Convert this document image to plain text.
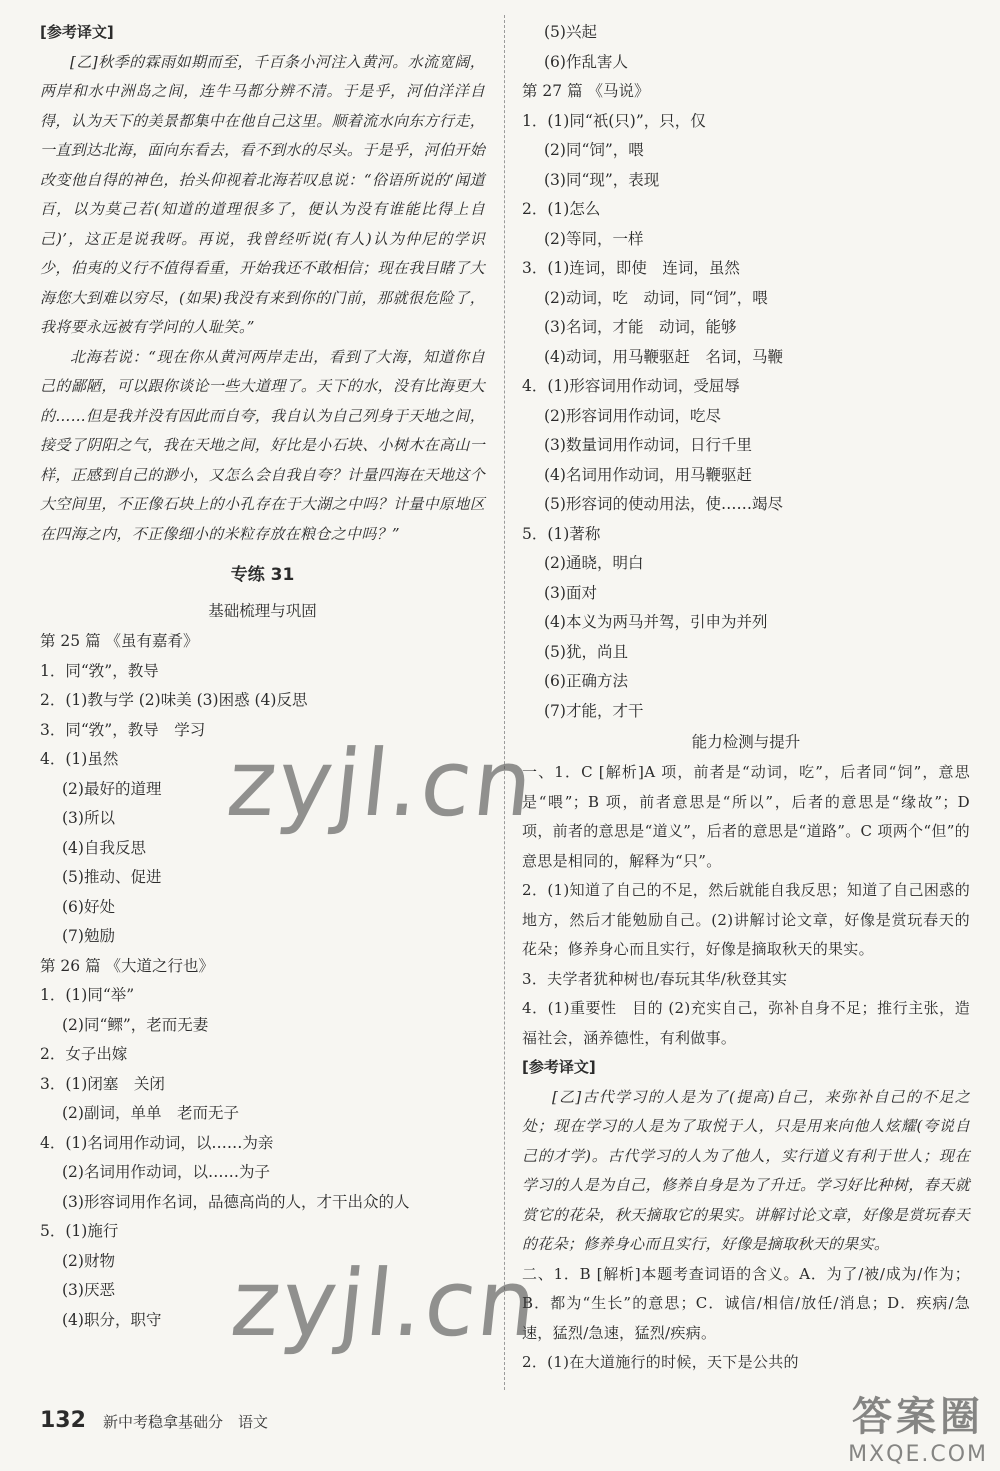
[参考译文]

[乙]秋季的霖雨如期而至，千百条小河注入黄河。水流宽阔，两岸和水中洲岛之间，连牛马都分辨不清。于是乎，河伯洋洋自得，认为天下的美景都集中在他自己这里。顺着流水向东方行走，一直到达北海，面向东看去，看不到水的尽头。于是乎，河伯开始改变他自得的神色，抬头仰视着北海若叹息说：“俗语所说的‘闻道百，以为莫己若(知道的道理很多了，便认为没有谁能比得上自己)’，这正是说我呀。再说，我曾经听说(有人)认为仲尼的学识少，伯夷的义行不值得看重，开始我还不敢相信；现在我目睹了大海您大到难以穷尽，(如果)我没有来到你的门前，那就很危险了，我将要永远被有学问的人耻笑。”

北海若说：“现在你从黄河两岸走出，看到了大海，知道你自己的鄙陋，可以跟你谈论一些大道理了。天下的水，没有比海更大的……但是我并没有因此而自夸，我自认为自己列身于天地之间，接受了阴阳之气，我在天地之间，好比是小石块、小树木在高山一样，正感到自己的渺小，又怎么会自我自夸？计量四海在天地这个大空间里，不正像石块上的小孔存在于大湖之中吗？计量中原地区在四海之内，不正像细小的米粒存放在粮仓之中吗？”

专练 31
基础梳理与巩固
第 25 篇 《虽有嘉肴》
1．同“敩”，教导
2．(1)教与学 (2)味美 (3)困惑 (4)反思
3．同“敩”，教导　学习
4．(1)虽然
(2)最好的道理
(3)所以
(4)自我反思
(5)推动、促进
(6)好处
(7)勉励
第 26 篇 《大道之行也》
1．(1)同“举”
(2)同“鳏”，老而无妻
2．女子出嫁
3．(1)闭塞　关闭
(2)副词，单单　老而无子
4．(1)名词用作动词，以……为亲
(2)名词用作动词，以……为子
(3)形容词用作名词，品德高尚的人，才干出众的人
5．(1)施行
(2)财物
(3)厌恶
(4)职分，职守
(5)兴起
(6)作乱害人
第 27 篇 《马说》
1．(1)同“祇(只)”，只，仅
(2)同“饲”，喂
(3)同“现”，表现
2．(1)怎么
(2)等同，一样
3．(1)连词，即使　连词，虽然
(2)动词，吃　动词，同“饲”，喂
(3)名词，才能　动词，能够
(4)动词，用马鞭驱赶　名词，马鞭
4．(1)形容词用作动词，受屈辱
(2)形容词用作动词，吃尽
(3)数量词用作动词，日行千里
(4)名词用作动词，用马鞭驱赶
(5)形容词的使动用法，使……竭尽
5．(1)著称
(2)通晓，明白
(3)面对
(4)本义为两马并驾，引申为并列
(5)犹，尚且
(6)正确方法
(7)才能，才干
能力检测与提升

一、1．C [解析]A 项，前者是“动词，吃”，后者同“饲”，意思是“喂”；B 项，前者意思是“所以”，后者的意思是“缘故”；D 项，前者的意思是“道义”，后者的意思是“道路”。C 项两个“但”的意思是相同的，解释为“只”。

2．(1)知道了自己的不足，然后就能自我反思；知道了自己困惑的地方，然后才能勉励自己。(2)讲解讨论文章，好像是赏玩春天的花朵；修养身心而且实行，好像是摘取秋天的果实。

3．夫学者犹种树也/春玩其华/秋登其实

4．(1)重要性　目的 (2)充实自己，弥补自身不足；推行主张，造福社会，涵养德性，有利做事。

[参考译文]

[乙]古代学习的人是为了(提高)自己，来弥补自己的不足之处；现在学习的人是为了取悦于人，只是用来向他人炫耀(夸说自己的才学)。古代学习的人为了他人，实行道义有利于世人；现在学习的人是为自己，修养自身是为了升迁。学习好比种树，春天就赏它的花朵，秋天摘取它的果实。讲解讨论文章，好像是赏玩春天的花朵；修养身心而且实行，好像是摘取秋天的果实。

二、1．B [解析]本题考查词语的含义。A．为了/被/成为/作为；B．都为“生长”的意思；C．诚信/相信/放任/消息；D．疾病/急速，猛烈/急速，猛烈/疾病。

2．(1)在大道施行的时候，天下是公共的

132 新中考稳拿基础分　语文
zyjl.cn
zyjl.cn
答案圈
MXQE.COM
